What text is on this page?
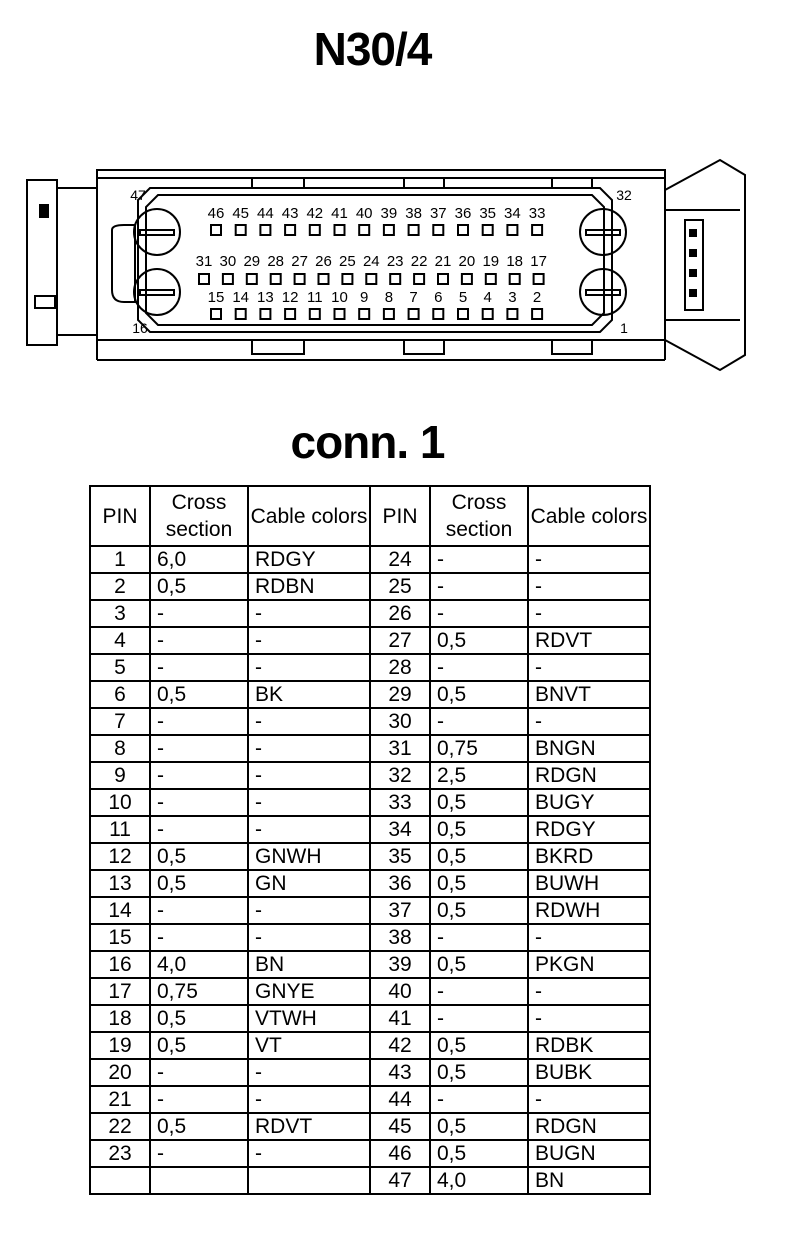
N30/4
46 45 44 43 42 41 40 39 38 37 36 35 34 33
31 30 29 28 27 26 25 24 23 22 21 20 19 18 17
15 14 13 12 11 10 9 8 7 6 5 4 3 2
47	32
16	1
conn. 1
PIN	Cross section	Cable colors	PIN	Cross section	Cable colors
1	6,0	RDGY	24	-	-
2	0,5	RDBN	25	-	-
3	-	-	26	-	-
4	-	-	27	0,5	RDVT
5	-	-	28	-	-
6	0,5	BK	29	0,5	BNVT
7	-	-	30	-	-
8	-	-	31	0,75	BNGN
9	-	-	32	2,5	RDGN
10	-	-	33	0,5	BUGY
11	-	-	34	0,5	RDGY
12	0,5	GNWH	35	0,5	BKRD
13	0,5	GN	36	0,5	BUWH
14	-	-	37	0,5	RDWH
15	-	-	38	-	-
16	4,0	BN	39	0,5	PKGN
17	0,75	GNYE	40	-	-
18	0,5	VTWH	41	-	-
19	0,5	VT	42	0,5	RDBK
20	-	-	43	0,5	BUBK
21	-	-	44	-	-
22	0,5	RDVT	45	0,5	RDGN
23	-	-	46	0,5	BUGN
			47	4,0	BN
